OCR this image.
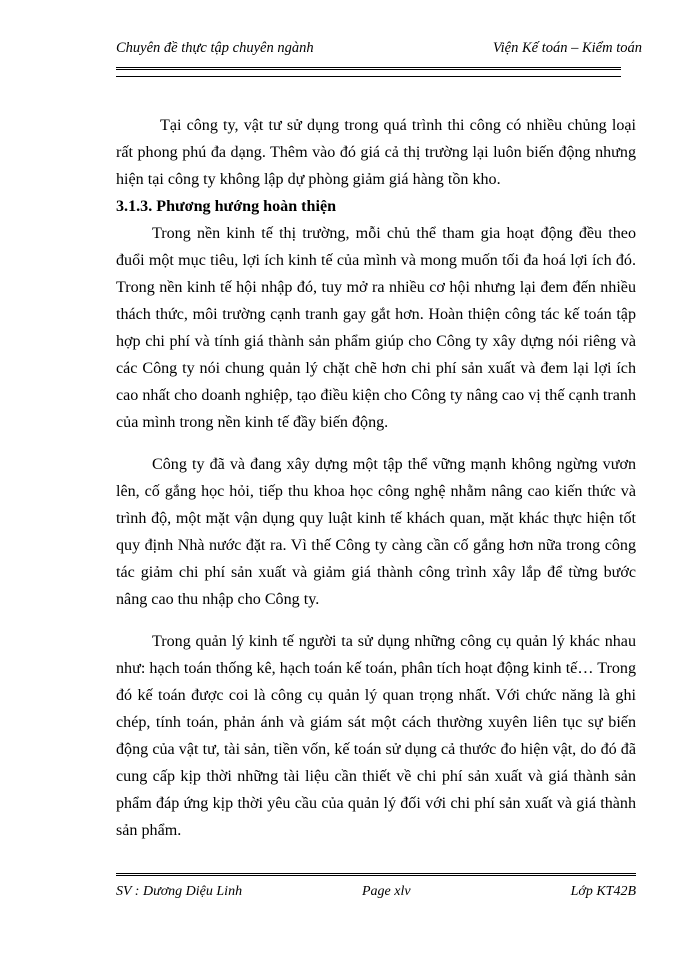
Chuyên đề thực tập chuyên ngành	Viện Kế toán – Kiểm toán

Tại công ty, vật tư sử dụng trong quá trình thi công có nhiều chủng loại rất phong phú đa dạng. Thêm vào đó giá cả thị trường lại luôn biến động nhưng hiện tại công ty không lập dự phòng giảm giá hàng tồn kho.

3.1.3. Phương hướng hoàn thiện

Trong nền kinh tế thị trường, mỗi chủ thể tham gia hoạt động đều theo đuổi một mục tiêu, lợi ích kinh tế của mình và mong muốn tối đa hoá lợi ích đó. Trong nền kinh tế hội nhập đó, tuy mở ra nhiều cơ hội nhưng lại đem đến nhiều thách thức, môi trường cạnh tranh gay gắt hơn. Hoàn thiện công tác kế toán tập hợp chi phí và tính giá thành sản phẩm giúp cho Công ty xây dựng nói riêng và các Công ty nói chung quản lý chặt chẽ hơn chi phí sản xuất và đem lại lợi ích cao nhất cho doanh nghiệp, tạo điều kiện cho Công ty nâng cao vị thế cạnh tranh của mình trong nền kinh tế đầy biến động.

Công ty đã và đang xây dựng một tập thể vững mạnh không ngừng vươn lên, cố gắng học hỏi, tiếp thu khoa học công nghệ nhằm nâng cao kiến thức và trình độ, một mặt vận dụng quy luật kinh tế khách quan, mặt khác thực hiện tốt quy định Nhà nước đặt ra. Vì thế Công ty càng cần cố gắng hơn nữa trong công tác giảm chi phí sản xuất và giảm giá thành công trình xây lắp để từng bước nâng cao thu nhập cho Công ty.

Trong quản lý kinh tế người ta sử dụng những công cụ quản lý khác nhau như: hạch toán thống kê, hạch toán kế toán, phân tích hoạt động kinh tế… Trong đó kế toán được coi là công cụ quản lý quan trọng nhất. Với chức năng là ghi chép, tính toán, phản ánh và giám sát một cách thường xuyên liên tục sự biến động của vật tư, tài sản, tiền vốn, kế toán sử dụng cả thước đo hiện vật, do đó đã cung cấp kịp thời những tài liệu cần thiết về chi phí sản xuất và giá thành sản phẩm đáp ứng kịp thời yêu cầu của quản lý đối với chi phí sản xuất và giá thành sản phẩm.

SV : Dương Diệu Linh	Page xlv	Lớp KT42B
